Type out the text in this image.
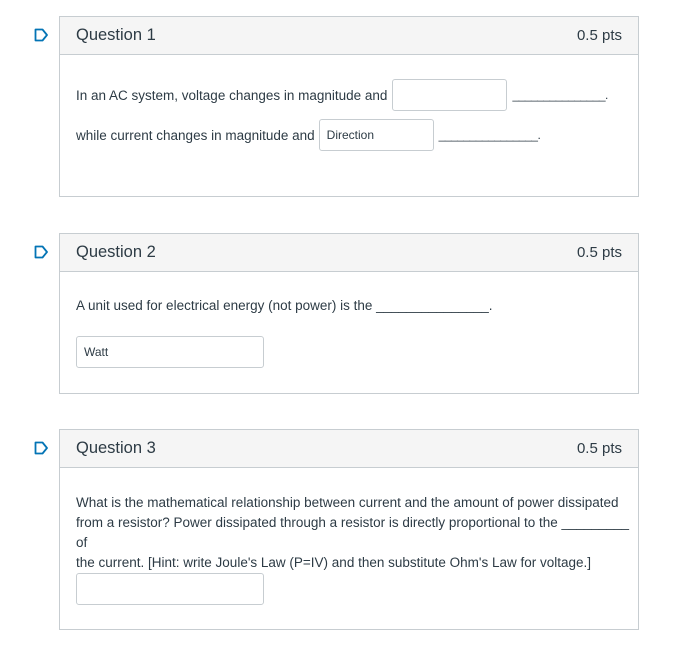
Question 1	0.5 pts
In an AC system, voltage changes in magnitude and	_______________.
while current changes in magnitude and
Direction	________________.
Question 2	0.5 pts
A unit used for electrical energy (not power) is the _______________.
Watt
Question 3	0.5 pts
What is the mathematical relationship between current and the amount of power dissipated
from a resistor? Power dissipated through a resistor is directly proportional to the _________ of
the current. [Hint: write Joule's Law (P=IV) and then substitute Ohm's Law for voltage.]
